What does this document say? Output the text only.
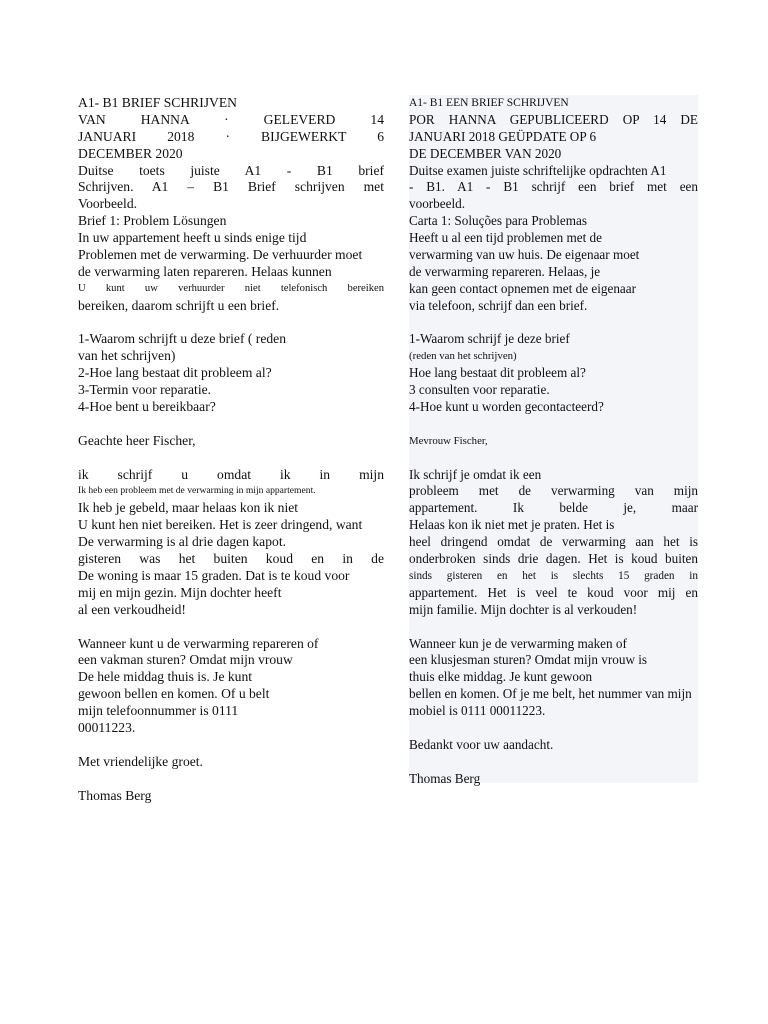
A1- B1 BRIEF SCHRIJVEN
VAN HANNA · GELEVERD 14
JANUARI 2018 · BIJGEWERKT 6
DECEMBER 2020
Duitse toets juiste A1 - B1 brief
Schrijven. A1 – B1 Brief schrijven met
Voorbeeld.
Brief 1: Problem Lösungen
In uw appartement heeft u sinds enige tijd
Problemen met de verwarming. De verhuurder moet
de verwarming laten repareren. Helaas kunnen
U kunt uw verhuurder niet telefonisch bereiken
bereiken, daarom schrijft u een brief.
1-Waarom schrijft u deze brief ( reden
van het schrijven)
2-Hoe lang bestaat dit probleem al?
3-Termin voor reparatie.
4-Hoe bent u bereikbaar?
Geachte heer Fischer,
ik schrijf u omdat ik in mijn
Ik heb een probleem met de verwarming in mijn appartement.
Ik heb je gebeld, maar helaas kon ik niet
U kunt hen niet bereiken. Het is zeer dringend, want
De verwarming is al drie dagen kapot.
gisteren was het buiten koud en in de
De woning is maar 15 graden. Dat is te koud voor
mij en mijn gezin. Mijn dochter heeft
al een verkoudheid!
Wanneer kunt u de verwarming repareren of
een vakman sturen? Omdat mijn vrouw
De hele middag thuis is. Je kunt
gewoon bellen en komen. Of u belt
mijn telefoonnummer is 0111
00011223.
Met vriendelijke groet.
Thomas Berg
A1- B1 EEN BRIEF SCHRIJVEN
POR HANNA GEPUBLICEERD OP 14 DE
JANUARI 2018 GEÜPDATE OP 6
DE DECEMBER VAN 2020
Duitse examen juiste schriftelijke opdrachten A1
- B1. A1 - B1 schrijf een brief met een
voorbeeld.
Carta 1: Soluções para Problemas
Heeft u al een tijd problemen met de
verwarming van uw huis. De eigenaar moet
de verwarming repareren. Helaas, je
kan geen contact opnemen met de eigenaar
via telefoon, schrijf dan een brief.
1-Waarom schrijf je deze brief
(reden van het schrijven)
Hoe lang bestaat dit probleem al?
3 consulten voor reparatie.
4-Hoe kunt u worden gecontacteerd?
Mevrouw Fischer,
Ik schrijf je omdat ik een
probleem met de verwarming van mijn
appartement. Ik belde je, maar
Helaas kon ik niet met je praten. Het is
heel dringend omdat de verwarming aan het is
onderbroken sinds drie dagen. Het is koud buiten
sinds gisteren en het is slechts 15 graden in
appartement. Het is veel te koud voor mij en
mijn familie. Mijn dochter is al verkouden!
Wanneer kun je de verwarming maken of
een klusjesman sturen? Omdat mijn vrouw is
thuis elke middag. Je kunt gewoon
bellen en komen. Of je me belt, het nummer van mijn
mobiel is 0111 00011223.
Bedankt voor uw aandacht.
Thomas Berg
